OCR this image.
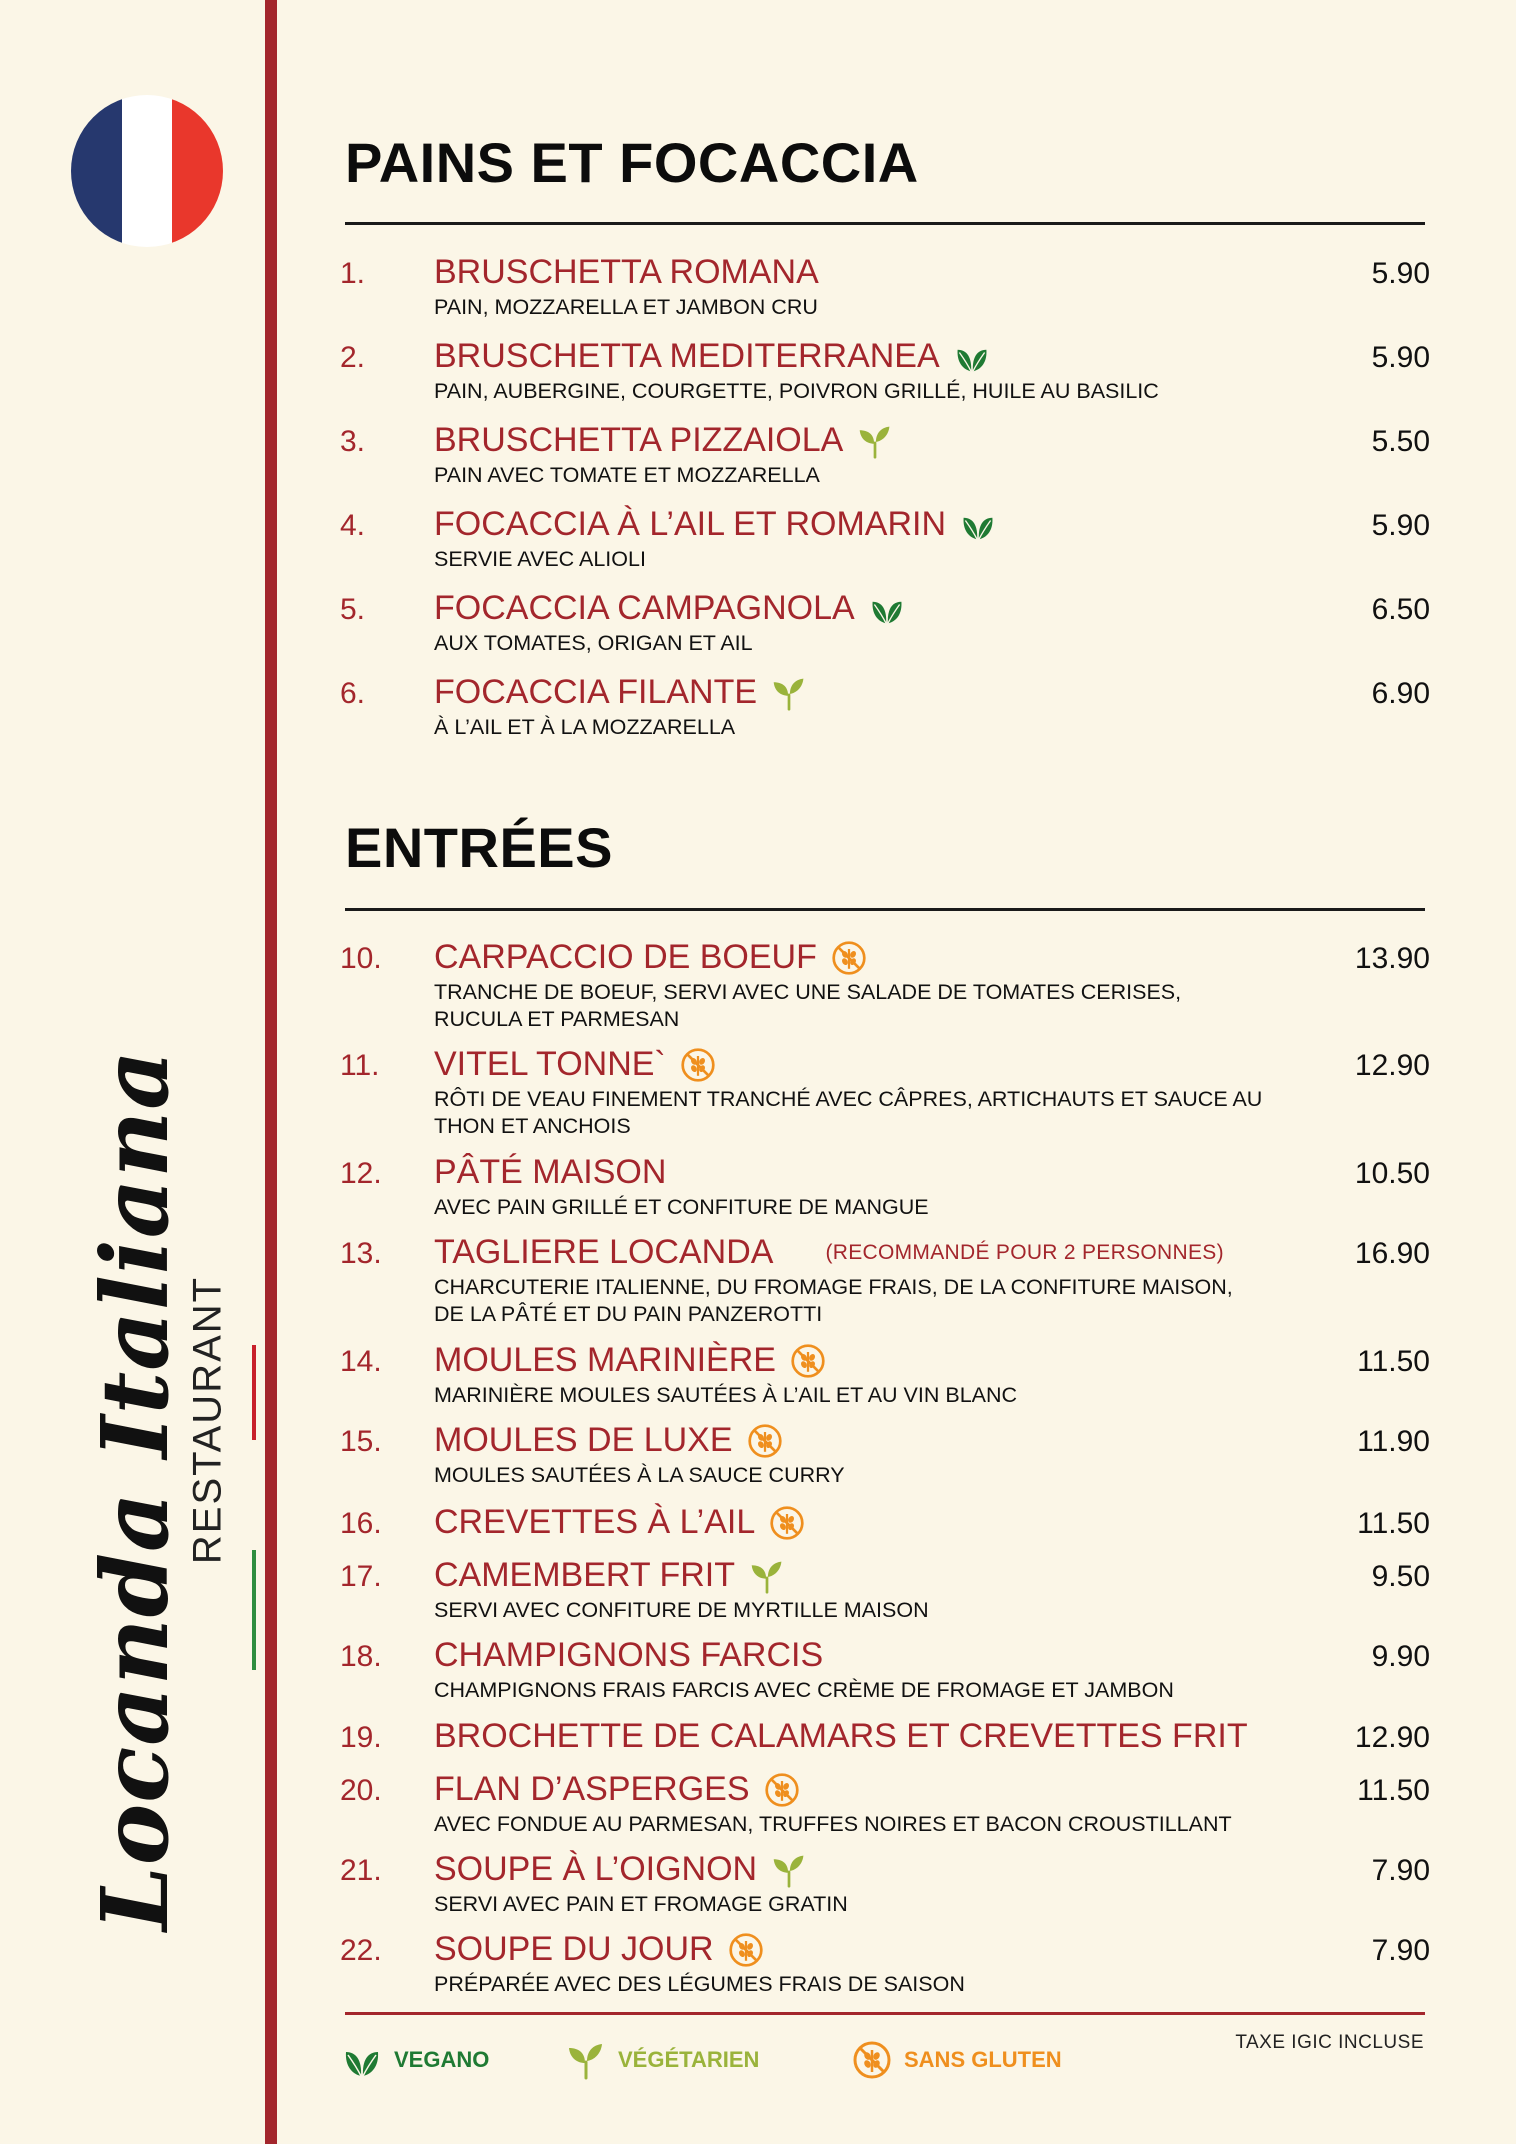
Locanda Italiana
RESTAURANT
PAINS ET FOCACCIA
1. BRUSCHETTA ROMANA
PAIN, MOZZARELLA ET JAMBON CRU
5.90
2. BRUSCHETTA MEDITERRANEA
PAIN, AUBERGINE, COURGETTE, POIVRON GRILLÉ, HUILE AU BASILIC
5.90
3. BRUSCHETTA PIZZAIOLA
PAIN AVEC TOMATE ET MOZZARELLA
5.50
4. FOCACCIA À L’AIL ET ROMARIN
SERVIE AVEC ALIOLI
5.90
5. FOCACCIA CAMPAGNOLA
AUX TOMATES, ORIGAN ET AIL
6.50
6. FOCACCIA FILANTE
À L’AIL ET À LA MOZZARELLA
6.90
ENTRÉES
10. CARPACCIO DE BOEUF
TRANCHE DE BOEUF, SERVI AVEC UNE SALADE DE TOMATES CERISES, RUCULA ET PARMESAN
13.90
11. VITEL TONNE`
RÔTI DE VEAU FINEMENT TRANCHÉ AVEC CÂPRES, ARTICHAUTS ET SAUCE AU THON ET ANCHOIS
12.90
12. PÂTÉ MAISON
AVEC PAIN GRILLÉ ET CONFITURE DE MANGUE
10.50
13. TAGLIERE LOCANDA (RECOMMANDÉ POUR 2 PERSONNES)
CHARCUTERIE ITALIENNE, DU FROMAGE FRAIS, DE LA CONFITURE MAISON, DE LA PÂTÉ ET DU PAIN PANZEROTTI
16.90
14. MOULES MARINIÈRE
MARINIÈRE MOULES SAUTÉES À L’AIL ET AU VIN BLANC
11.50
15. MOULES DE LUXE
MOULES SAUTÉES À LA SAUCE CURRY
11.90
16. CREVETTES À L’AIL	11.50
17. CAMEMBERT FRIT
SERVI AVEC CONFITURE DE MYRTILLE MAISON
9.50
18. CHAMPIGNONS FARCIS
CHAMPIGNONS FRAIS FARCIS AVEC CRÈME DE FROMAGE ET JAMBON
9.90
19. BROCHETTE DE CALAMARS ET CREVETTES FRIT	12.90
20. FLAN D’ASPERGES
AVEC FONDUE AU PARMESAN, TRUFFES NOIRES ET BACON CROUSTILLANT
11.50
21. SOUPE À L’OIGNON
SERVI AVEC PAIN ET FROMAGE GRATIN
7.90
22. SOUPE DU JOUR
PRÉPARÉE AVEC DES LÉGUMES FRAIS DE SAISON
7.90
VEGANO	VÉGÉTARIEN	SANS GLUTEN
TAXE IGIC INCLUSE
